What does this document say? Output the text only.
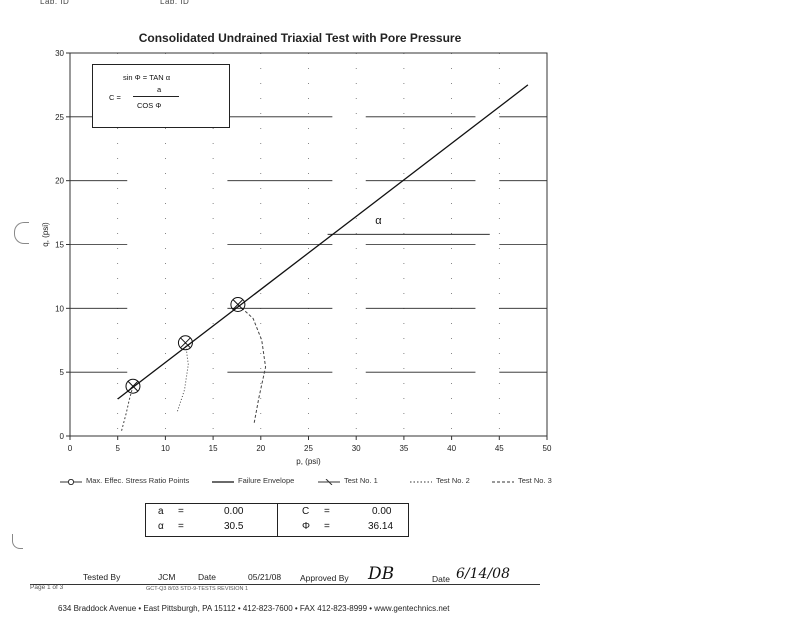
Lab. ID	Lab. ID
Consolidated Undrained Triaxial Test with Pore Pressure
0	5	10	15	20	25	30	35	40	45	50
0
5
10
15
20
25
30
α
p, (psi)
q, (psi)
sin Φ = TAN α
C =
a
COS Φ
Max. Effec. Stress Ratio Points	Failure Envelope	Test No. 1	Test No. 2	Test No. 3
a =	0.00
α =	30.5
C =	0.00
Φ =	36.14
Tested By	JCM	Date	05/21/08 Approved By DB	Date 6/14/08
Page 1 of 3	GCT-Q3 8/03 STD-9-TESTS REVISION 1
634 Braddock Avenue • East Pittsburgh, PA 15112 • 412-823-7600 • FAX 412-823-8999 • www.gentechnics.net
